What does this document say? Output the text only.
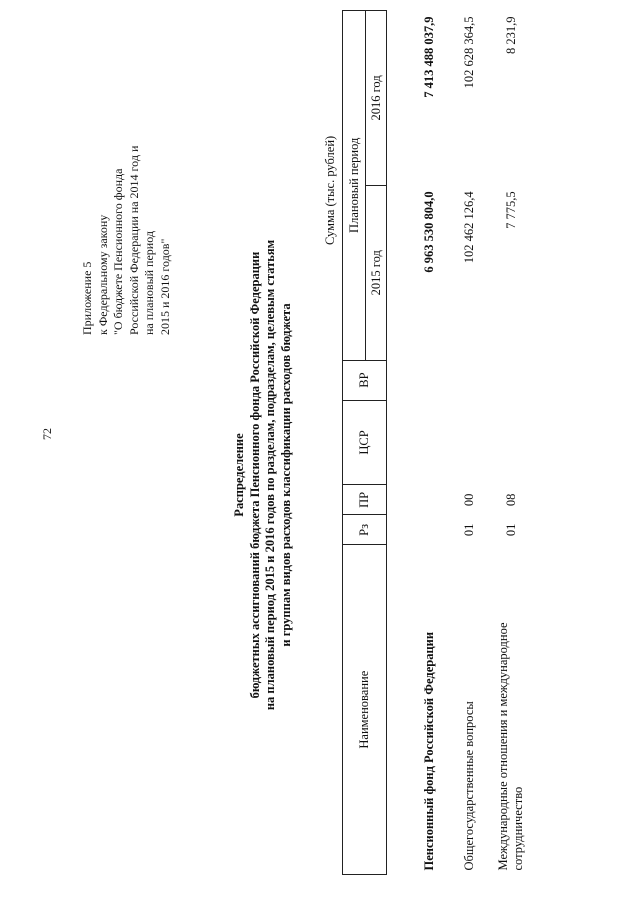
72
Приложение 5 к Федеральному закону "О бюджете Пенсионного фонда Российской Федерации на 2014 год и на плановый период 2015 и 2016 годов"
Распределение бюджетных ассигнований бюджета Пенсионного фонда Российской Федерации на плановый период 2015 и 2016 годов по разделам, подразделам, целевым статьям и группам видов расходов классификации расходов бюджета
Сумма (тыс. рублей)
Наименование	Рз	ПР	ЦСР	ВР	Плановый период	
					2015 год	2016 год
Пенсионный фонд Российской Федерации					6 963 530 804,0	7 413 488 037,9
Общегосударственные вопросы	01	00			102 462 126,4	102 628 364,5
Международные отношения и международное сотрудничество	01	08			7 775,5	8 231,9
